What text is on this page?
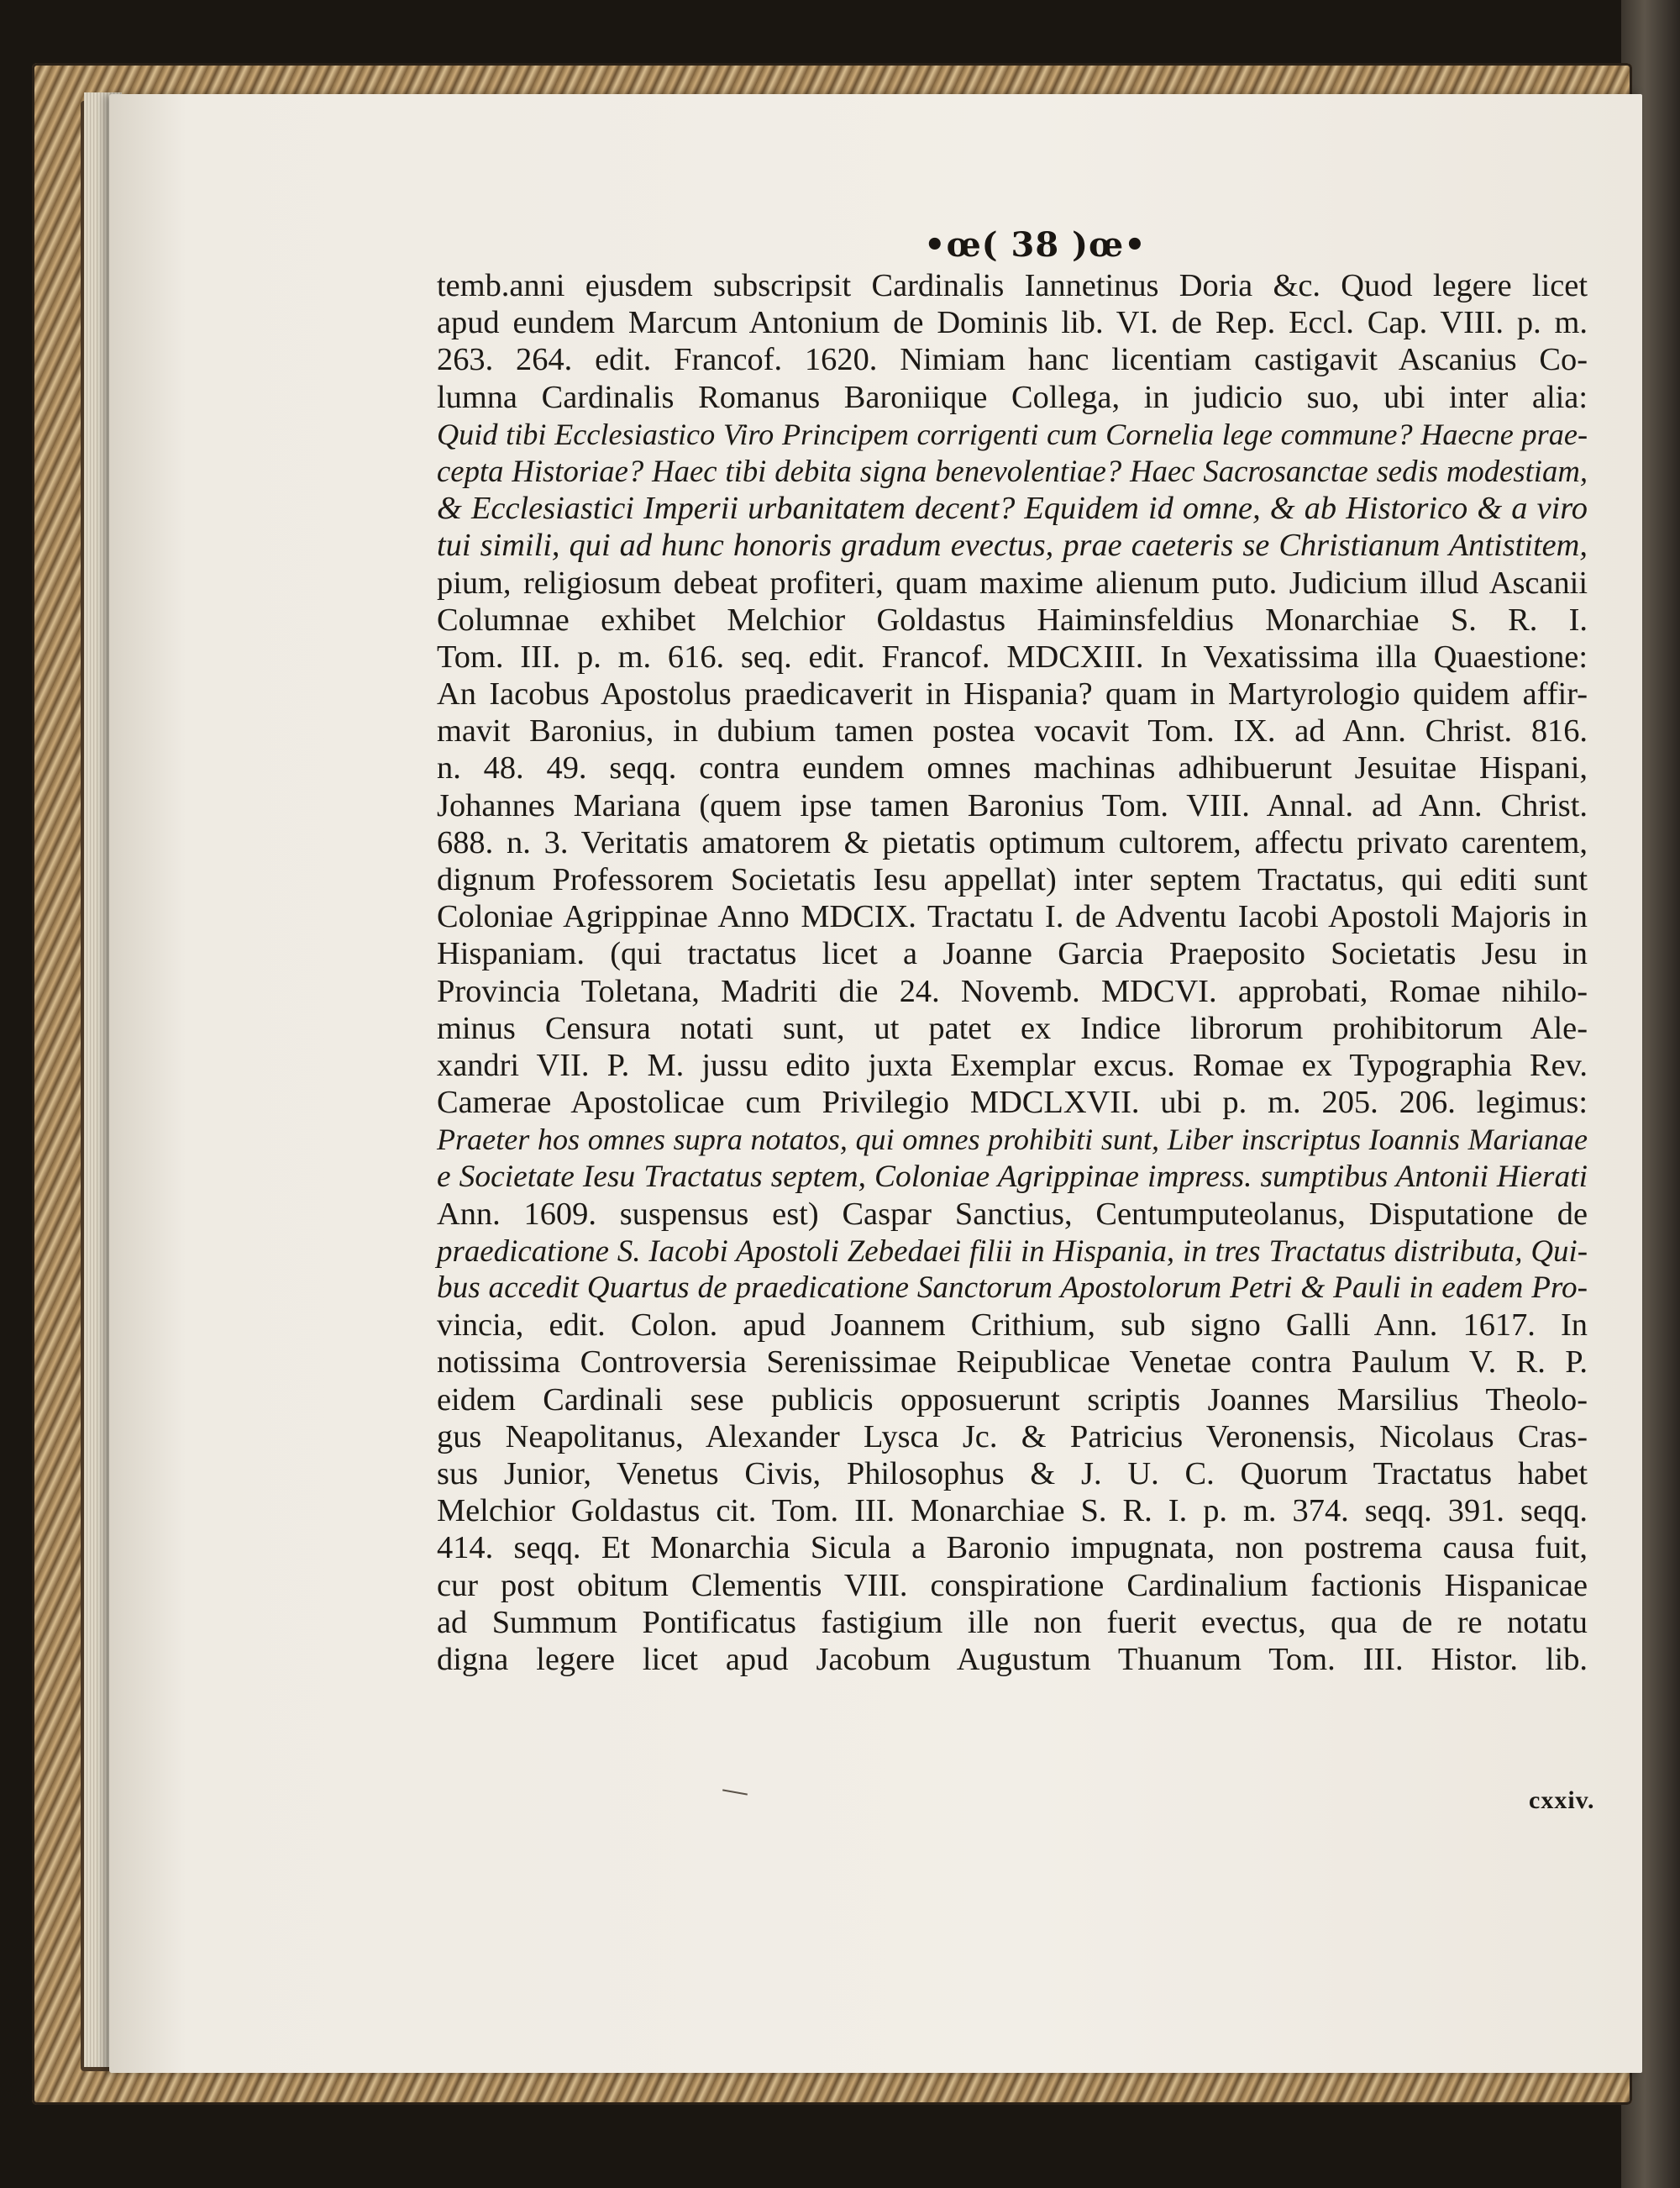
•œ( 38 )œ•
temb.anni ejusdem subscripsit Cardinalis Iannetinus Doria &c. Quod legere licet
apud eundem Marcum Antonium de Dominis lib. VI. de Rep. Eccl. Cap. VIII. p. m.
263. 264. edit. Francof. 1620. Nimiam hanc licentiam castigavit Ascanius Co-
lumna Cardinalis Romanus Baroniique Collega, in judicio suo, ubi inter alia:
Quid tibi Ecclesiastico Viro Principem corrigenti cum Cornelia lege commune? Haecne prae-
cepta Historiae? Haec tibi debita signa benevolentiae? Haec Sacrosanctae sedis modestiam,
& Ecclesiastici Imperii urbanitatem decent? Equidem id omne, & ab Historico & a viro
tui simili, qui ad hunc honoris gradum evectus, prae caeteris se Christianum Antistitem,
pium, religiosum debeat profiteri, quam maxime alienum puto. Judicium illud Ascanii
Columnae exhibet Melchior Goldastus Haiminsfeldius Monarchiae S. R. I.
Tom. III. p. m. 616. seq. edit. Francof. MDCXIII. In Vexatissima illa Quaestione:
An Iacobus Apostolus praedicaverit in Hispania? quam in Martyrologio quidem affir-
mavit Baronius, in dubium tamen postea vocavit Tom. IX. ad Ann. Christ. 816.
n. 48. 49. seqq. contra eundem omnes machinas adhibuerunt Jesuitae Hispani,
Johannes Mariana (quem ipse tamen Baronius Tom. VIII. Annal. ad Ann. Christ.
688. n. 3. Veritatis amatorem & pietatis optimum cultorem, affectu privato carentem,
dignum Professorem Societatis Iesu appellat) inter septem Tractatus, qui editi sunt
Coloniae Agrippinae Anno MDCIX. Tractatu I. de Adventu Iacobi Apostoli Majoris in
Hispaniam. (qui tractatus licet a Joanne Garcia Praeposito Societatis Jesu in
Provincia Toletana, Madriti die 24. Novemb. MDCVI. approbati, Romae nihilo-
minus Censura notati sunt, ut patet ex Indice librorum prohibitorum Ale-
xandri VII. P. M. jussu edito juxta Exemplar excus. Romae ex Typographia Rev.
Camerae Apostolicae cum Privilegio MDCLXVII. ubi p. m. 205. 206. legimus:
Praeter hos omnes supra notatos, qui omnes prohibiti sunt, Liber inscriptus Ioannis Marianae
e Societate Iesu Tractatus septem, Coloniae Agrippinae impress. sumptibus Antonii Hierati
Ann. 1609. suspensus est) Caspar Sanctius, Centumputeolanus, Disputatione de
praedicatione S. Iacobi Apostoli Zebedaei filii in Hispania, in tres Tractatus distributa, Qui-
bus accedit Quartus de praedicatione Sanctorum Apostolorum Petri & Pauli in eadem Pro-
vincia, edit. Colon. apud Joannem Crithium, sub signo Galli Ann. 1617. In
notissima Controversia Serenissimae Reipublicae Venetae contra Paulum V. R. P.
eidem Cardinali sese publicis opposuerunt scriptis Joannes Marsilius Theolo-
gus Neapolitanus, Alexander Lysca Jc. & Patricius Veronensis, Nicolaus Cras-
sus Junior, Venetus Civis, Philosophus & J. U. C. Quorum Tractatus habet
Melchior Goldastus cit. Tom. III. Monarchiae S. R. I. p. m. 374. seqq. 391. seqq.
414. seqq. Et Monarchia Sicula a Baronio impugnata, non postrema causa fuit,
cur post obitum Clementis VIII. conspiratione Cardinalium factionis Hispanicae
ad Summum Pontificatus fastigium ille non fuerit evectus, qua de re notatu
digna legere licet apud Jacobum Augustum Thuanum Tom. III. Histor. lib.
cxxiv.
